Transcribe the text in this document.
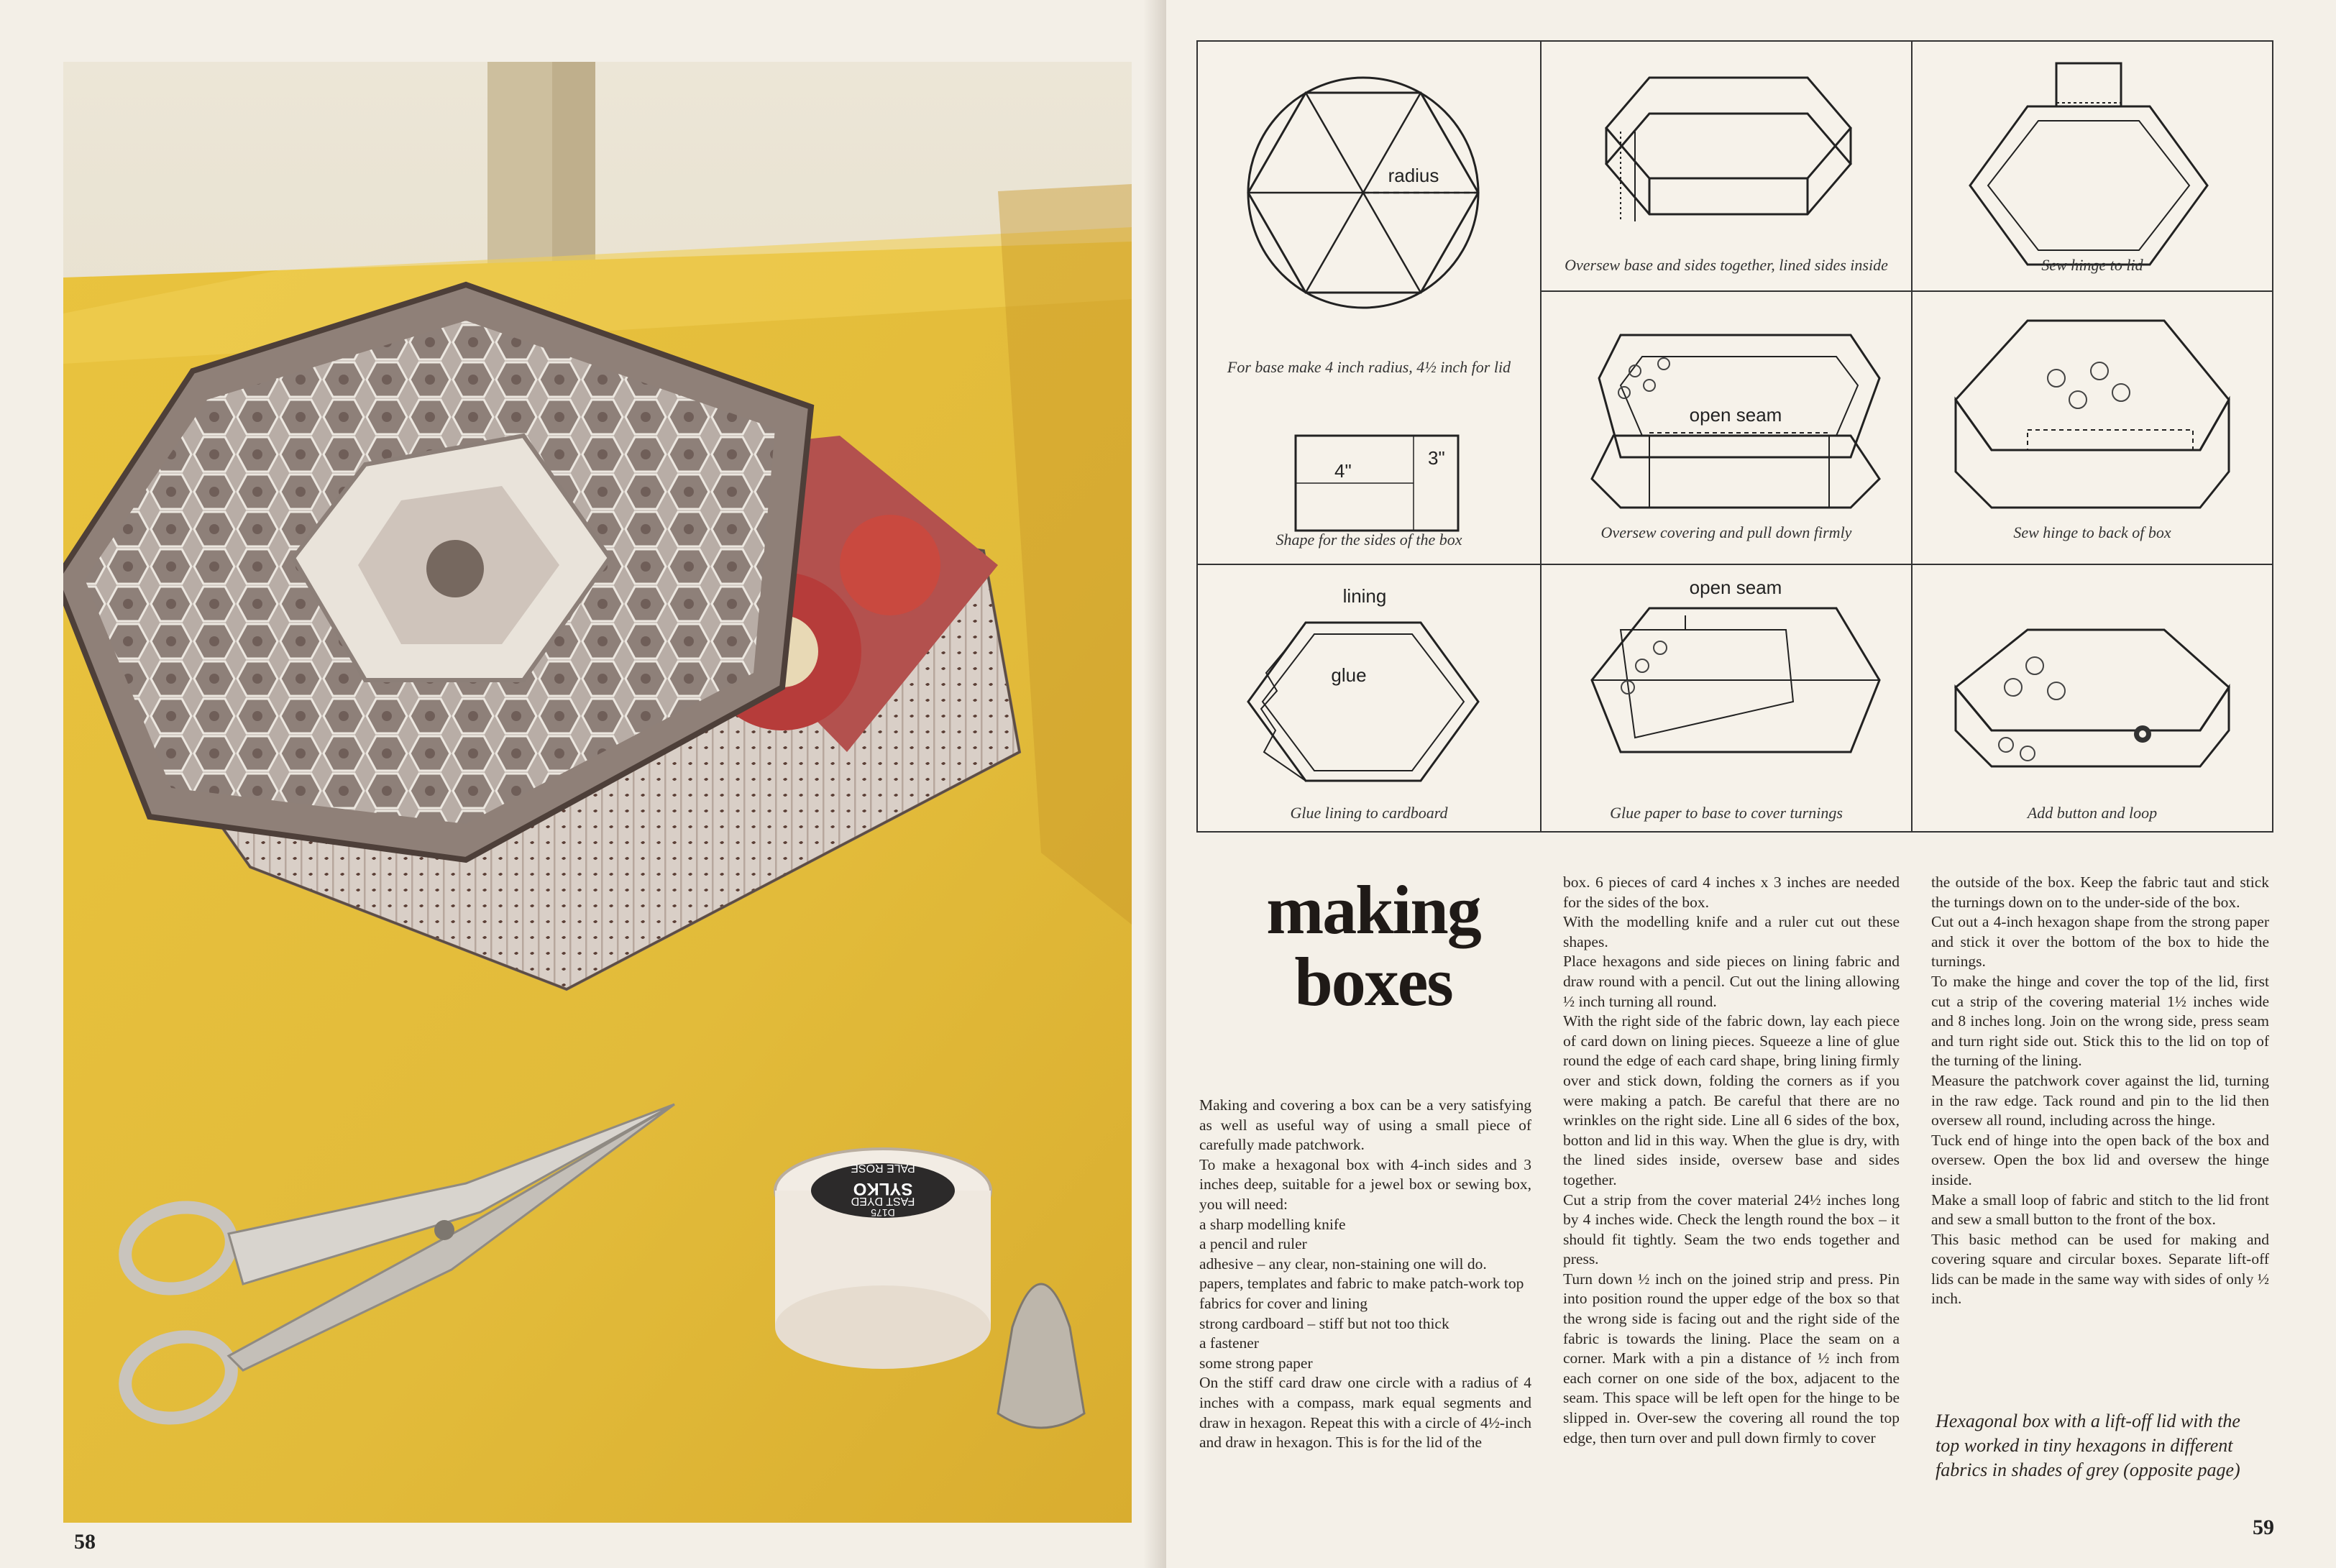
SYLKO
FAST DYED
PALE ROSE
D175
58
radius
For base make 4 inch radius, 4½ inch for lid
Oversew base and sides together, lined sides inside	Sew hinge to lid
4"
3"
Shape for the sides of the box
open seam
Oversew covering and pull down firmly	Sew hinge to back of box
lining
glue
Glue lining to cardboard
open seam
Glue paper to base to cover turnings	Add button and loop
making
boxes

Making and covering a box can be a very satisfying as well as useful way of using a small piece of carefully made patchwork.

To make a hexagonal box with 4-inch sides and 3 inches deep, suitable for a jewel box or sewing box, you will need:

a sharp modelling knife

a pencil and ruler

adhesive – any clear, non-staining one will do.

papers, templates and fabric to make patch-work top

fabrics for cover and lining

strong cardboard – stiff but not too thick

a fastener

some strong paper

On the stiff card draw one circle with a radius of 4 inches with a compass, mark equal segments and draw in hexagon. Repeat this with a circle of 4½-inch and draw in hexagon. This is for the lid of the

box. 6 pieces of card 4 inches x 3 inches are needed for the sides of the box.

With the modelling knife and a ruler cut out these shapes.

Place hexagons and side pieces on lining fabric and draw round with a pencil. Cut out the lining allowing ½ inch turning all round.

With the right side of the fabric down, lay each piece of card down on lining pieces. Squeeze a line of glue round the edge of each card shape, bring lining firmly over and stick down, folding the corners as if you were making a patch. Be careful that there are no wrinkles on the right side. Line all 6 sides of the box, botton and lid in this way. When the glue is dry, with the lined sides inside, oversew base and sides together.

Cut a strip from the cover material 24½ inches long by 4 inches wide. Check the length round the box – it should fit tightly. Seam the two ends together and press.

Turn down ½ inch on the joined strip and press. Pin into position round the upper edge of the box so that the wrong side is facing out and the right side of the fabric is towards the lining. Place the seam on a corner. Mark with a pin a distance of ½ inch from each corner on one side of the box, adjacent to the seam. This space will be left open for the hinge to be slipped in. Over-sew the covering all round the top edge, then turn over and pull down firmly to cover

the outside of the box. Keep the fabric taut and stick the turnings down on to the under-side of the box.

Cut out a 4-inch hexagon shape from the strong paper and stick it over the bottom of the box to hide the turnings.

To make the hinge and cover the top of the lid, first cut a strip of the covering material 1½ inches wide and 8 inches long. Join on the wrong side, press seam and turn right side out. Stick this to the lid on top of the turning of the lining.

Measure the patchwork cover against the lid, turning in the raw edge. Tack round and pin to the lid then oversew all round, including across the hinge.

Tuck end of hinge into the open back of the box and oversew. Open the box lid and oversew the hinge inside.

Make a small loop of fabric and stitch to the lid front and sew a small button to the front of the box.

This basic method can be used for making and covering square and circular boxes. Separate lift-off lids can be made in the same way with sides of only ½ inch.

Hexagonal box with a lift-off lid with the top worked in tiny hexagons in different fabrics in shades of grey (opposite page)
59
